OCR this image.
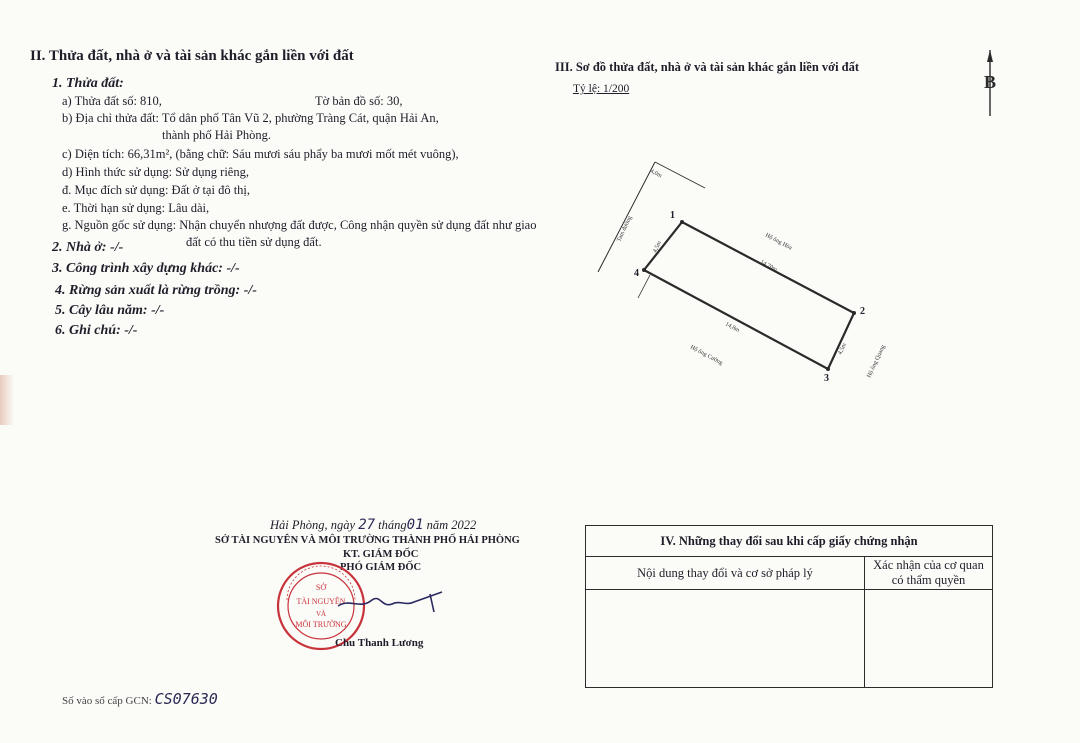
II. Thửa đất, nhà ở và tài sản khác gắn liền với đất
1. Thửa đất:
a) Thửa đất số: 810,	Tờ bản đồ số: 30,
b) Địa chỉ thửa đất: Tổ dân phố Tân Vũ 2, phường Tràng Cát, quận Hải An,
thành phố Hải Phòng.
c) Diện tích: 66,31m², (bằng chữ: Sáu mươi sáu phẩy ba mươi mốt mét vuông),
d) Hình thức sử dụng: Sử dụng riêng,
đ. Mục đích sử dụng: Đất ở tại đô thị,
e. Thời hạn sử dụng: Lâu dài,
g. Nguồn gốc sử dụng: Nhận chuyển nhượng đất được, Công nhận quyền sử dụng đất như giao
đất có thu tiền sử dụng đất.
2. Nhà ở: -/-
3. Công trình xây dựng khác: -/-
4. Rừng sản xuất là rừng trồng: -/-
5. Cây lâu năm: -/-
6. Ghi chú: -/-
III. Sơ đồ thửa đất, nhà ở và tài sản khác gắn liền với đất
Tỷ lệ: 1/200	B
1
2
3
4
4,0m
4,5m
14,70m
14,8m
4,5m
Tam đường	Hộ ông Hòa
Hộ ông Cường	Hộ ông Quang
Hải Phòng, ngày 27 tháng01 năm 2022
SỞ TÀI NGUYÊN VÀ MÔI TRƯỜNG THÀNH PHỐ HẢI PHÒNG
KT. GIÁM ĐỐC
PHÓ GIÁM ĐỐC
SỞ
TÀI NGUYÊN
VÀ
MÔI TRƯỜNG
Chu Thanh Lương
IV. Những thay đổi sau khi cấp giấy chứng nhận	
Nội dung thay đổi và cơ sở pháp lý	Xác nhận của cơ quan
có thẩm quyền

Số vào sổ cấp GCN: CS07630
